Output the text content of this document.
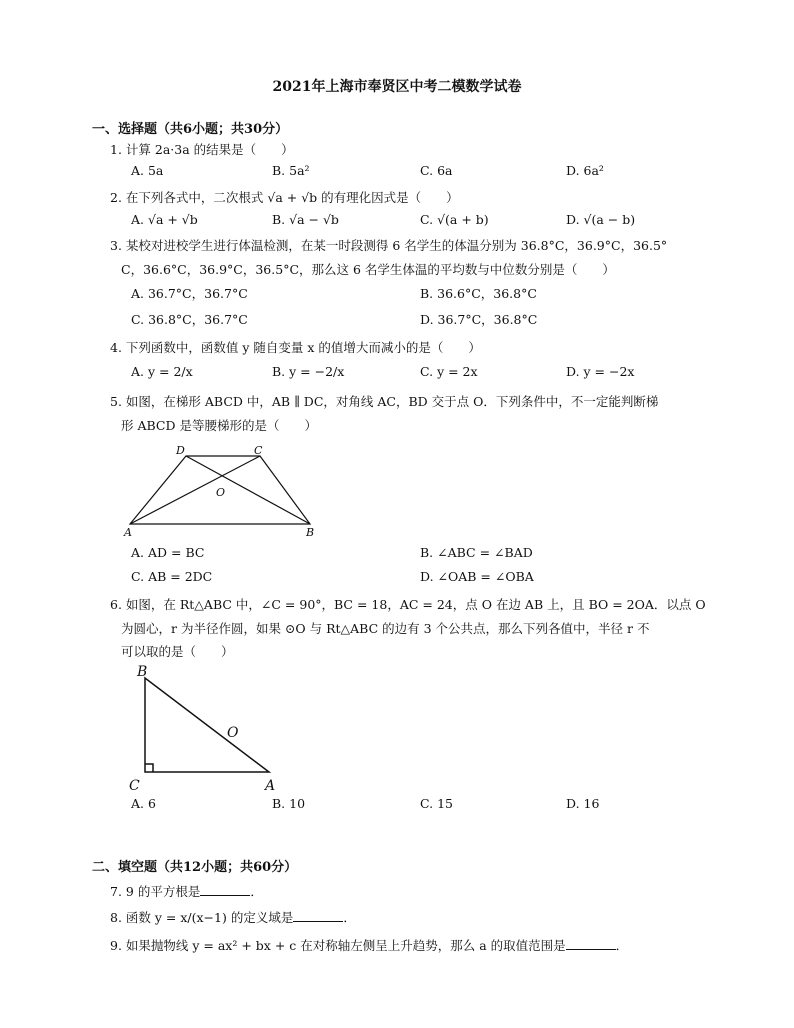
2021年上海市奉贤区中考二模数学试卷
一、选择题（共6小题；共30分）
1. 计算 2a·3a 的结果是（　　）
A. 5a	B. 5a²	C. 6a	D. 6a²
2. 在下列各式中，二次根式 √a + √b 的有理化因式是（　　）
A. √a + √b	B. √a − √b	C. √(a + b)	D. √(a − b)
3. 某校对进校学生进行体温检测，在某一时段测得 6 名学生的体温分别为 36.8°C，36.9°C，36.5°
C，36.6°C，36.9°C，36.5°C，那么这 6 名学生体温的平均数与中位数分别是（　　）
A. 36.7°C，36.7°C	B. 36.6°C，36.8°C
C. 36.8°C，36.7°C	D. 36.7°C，36.8°C
4. 下列函数中，函数值 y 随自变量 x 的值增大而减小的是（　　）
A. y = 2/x	B. y = −2/x	C. y = 2x	D. y = −2x
5. 如图，在梯形 ABCD 中，AB ∥ DC，对角线 AC，BD 交于点 O．下列条件中，不一定能判断梯
形 ABCD 是等腰梯形的是（　　）
D	C
O
A	B
A. AD = BC	B. ∠ABC = ∠BAD
C. AB = 2DC	D. ∠OAB = ∠OBA
6. 如图，在 Rt△ABC 中，∠C = 90°，BC = 18，AC = 24，点 O 在边 AB 上，且 BO = 2OA．以点 O
为圆心，r 为半径作圆，如果 ⊙O 与 Rt△ABC 的边有 3 个公共点，那么下列各值中，半径 r 不
可以取的是（　　）
B
O
C	A
A. 6	B. 10	C. 15	D. 16
二、填空题（共12小题；共60分）
7. 9 的平方根是	．
8. 函数 y = x/(x−1) 的定义域是	．
9. 如果抛物线 y = ax² + bx + c 在对称轴左侧呈上升趋势，那么 a 的取值范围是	．
